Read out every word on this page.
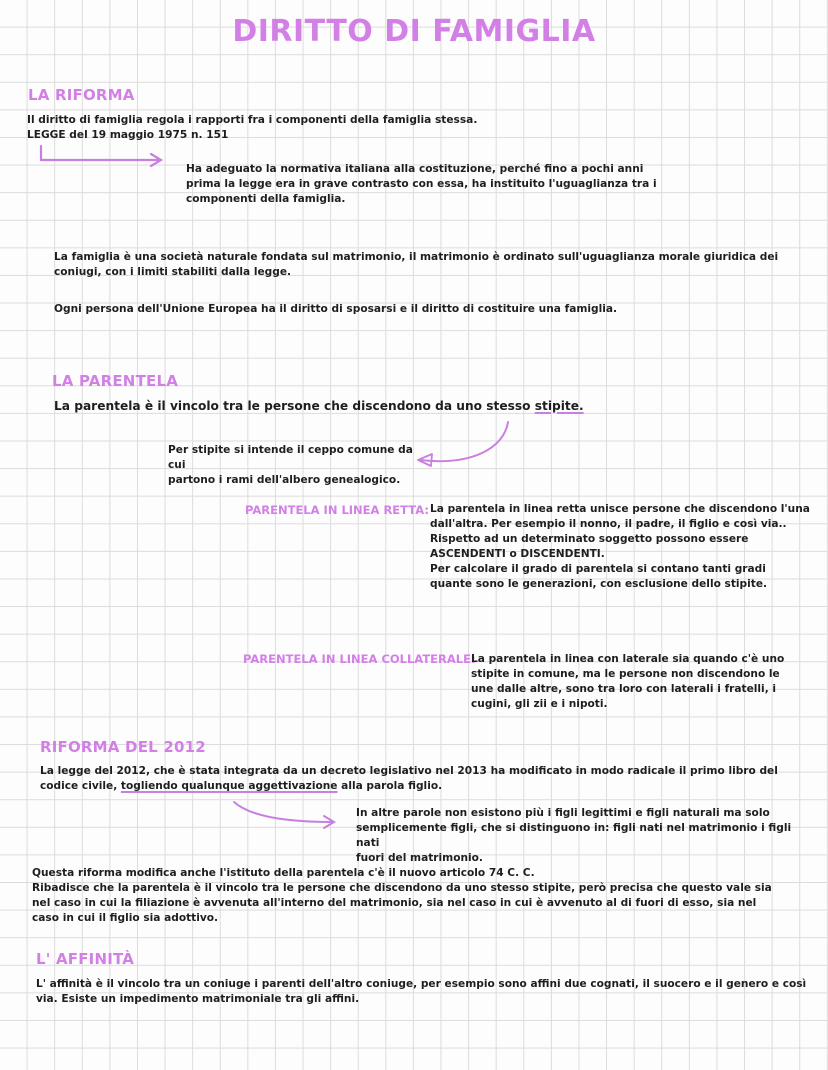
DIRITTO DI FAMIGLIA
LA RIFORMA

Il diritto di famiglia regola i rapporti fra i componenti della famiglia stessa.

LEGGE del 19 maggio 1975 n. 151

Ha adeguato la normativa italiana alla costituzione, perché fino a pochi anni

prima la legge era in grave contrasto con essa, ha instituito l'uguaglianza tra i

componenti della famiglia.

La famiglia è una società naturale fondata sul matrimonio, il matrimonio è ordinato sull'uguaglianza morale giuridica dei

coniugi, con i limiti stabiliti dalla legge.

Ogni persona dell'Unione Europea ha il diritto di sposarsi e il diritto di costituire una famiglia.
LA PARENTELA
La parentela è il vincolo tra le persone che discendono da uno stesso stipite.

Per stipite si intende il ceppo comune da cui

partono i rami dell'albero genealogico.

PARENTELA IN LINEA RETTA: La parentela in linea retta unisce persone che discendono l'una

dall'altra. Per esempio il nonno, il padre, il figlio e così via..

Rispetto ad un determinato soggetto possono essere

ASCENDENTI o DISCENDENTI.

Per calcolare il grado di parentela si contano tanti gradi

quante sono le generazioni, con esclusione dello stipite.

PARENTELA IN LINEA COLLATERALE:

La parentela in linea con laterale sia quando c'è uno

stipite in comune, ma le persone non discendono le

une dalle altre, sono tra loro con laterali i fratelli, i

cugini, gli zii e i nipoti.

RIFORMA DEL 2012

La legge del 2012, che è stata integrata da un decreto legislativo nel 2013 ha modificato in modo radicale il primo libro del

codice civile, togliendo qualunque aggettivazione alla parola figlio.

In altre parole non esistono più i figli legittimi e figli naturali ma solo

semplicemente figli, che si distinguono in: figli nati nel matrimonio i figli nati

fuori del matrimonio.

Questa riforma modifica anche l'istituto della parentela c'è il nuovo articolo 74 C. C.

Ribadisce che la parentela è il vincolo tra le persone che discendono da uno stesso stipite, però precisa che questo vale sia

nel caso in cui la filiazione è avvenuta all'interno del matrimonio, sia nel caso in cui è avvenuto al di fuori di esso, sia nel

caso in cui il figlio sia adottivo.

L' AFFINITÀ

L' affinità è il vincolo tra un coniuge i parenti dell'altro coniuge, per esempio sono affini due cognati, il suocero e il genero e così

via. Esiste un impedimento matrimoniale tra gli affini.
